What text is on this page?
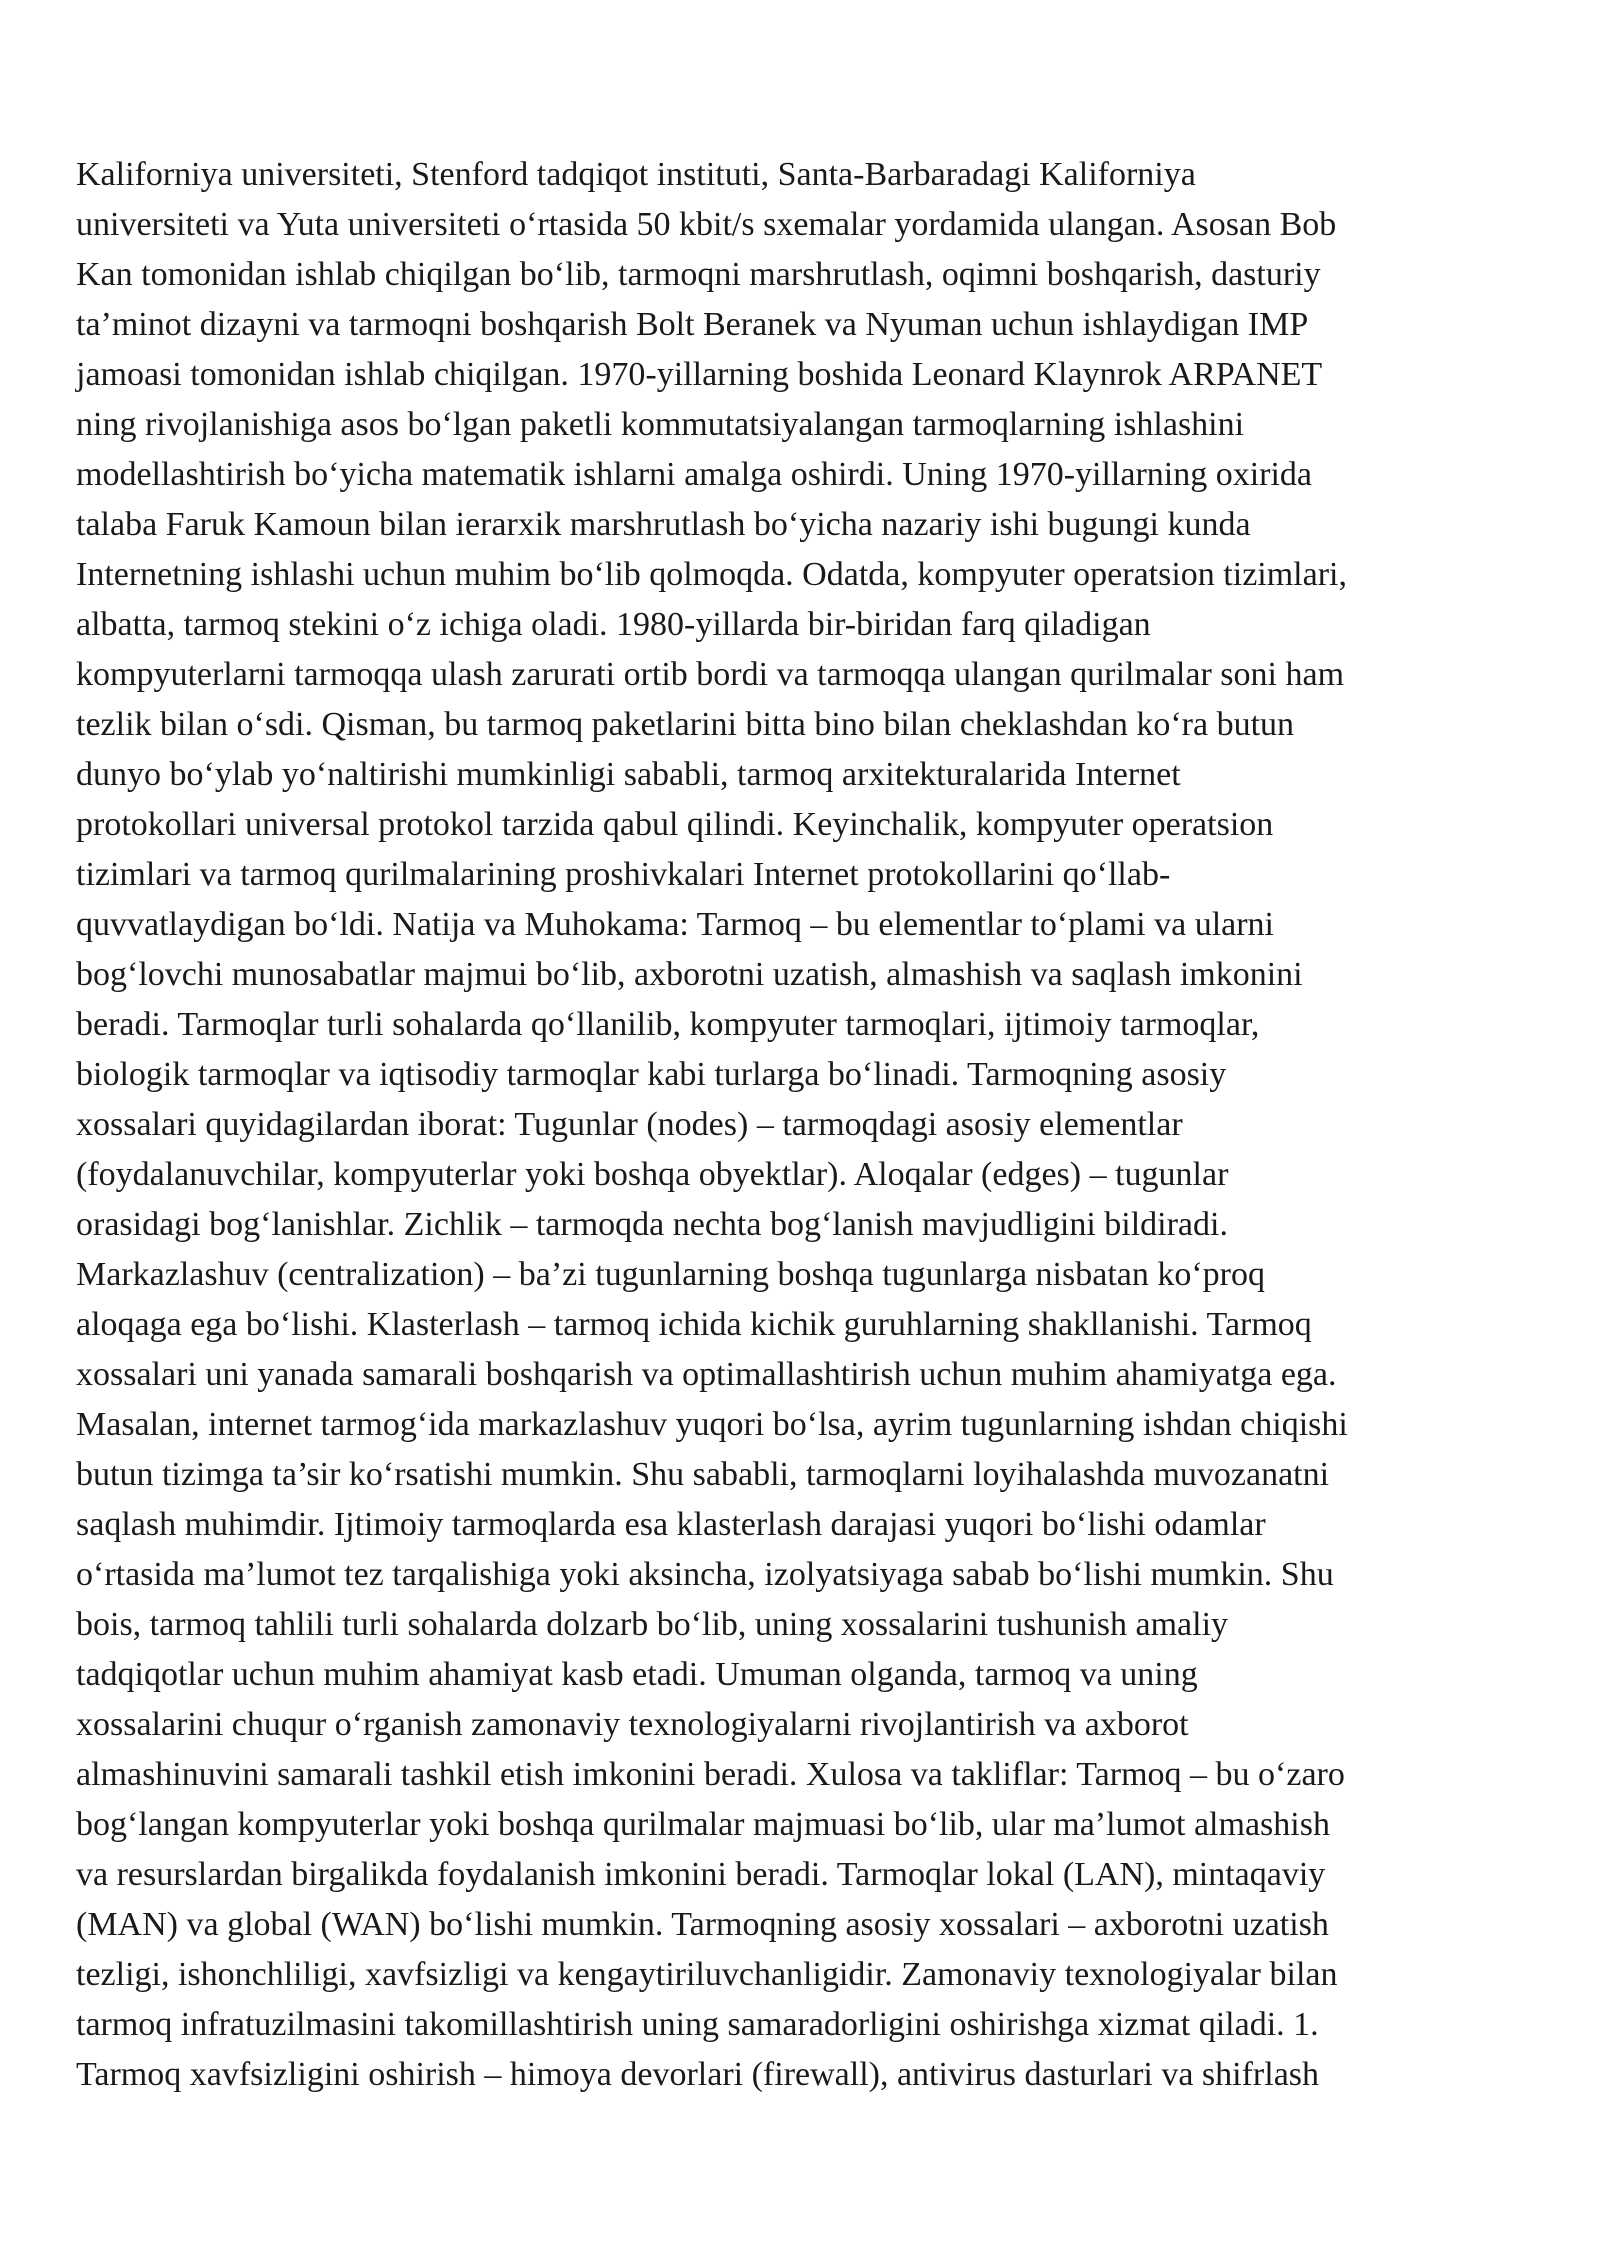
Kaliforniya universiteti, Stenford tadqiqot instituti, Santa-Barbaradagi Kaliforniya
universiteti va Yuta universiteti o‘rtasida 50 kbit/s sxemalar yordamida ulangan. Asosan Bob
Kan tomonidan ishlab chiqilgan bo‘lib, tarmoqni marshrutlash, oqimni boshqarish, dasturiy
ta’minot dizayni va tarmoqni boshqarish Bolt Beranek va Nyuman uchun ishlaydigan IMP
jamoasi tomonidan ishlab chiqilgan. 1970-yillarning boshida Leonard Klaynrok ARPANET
ning rivojlanishiga asos bo‘lgan paketli kommutatsiyalangan tarmoqlarning ishlashini
modellashtirish bo‘yicha matematik ishlarni amalga oshirdi. Uning 1970-yillarning oxirida
talaba Faruk Kamoun bilan ierarxik marshrutlash bo‘yicha nazariy ishi bugungi kunda
Internetning ishlashi uchun muhim bo‘lib qolmoqda. Odatda, kompyuter operatsion tizimlari,
albatta, tarmoq stekini o‘z ichiga oladi. 1980-yillarda bir-biridan farq qiladigan
kompyuterlarni tarmoqqa ulash zarurati ortib bordi va tarmoqqa ulangan qurilmalar soni ham
tezlik bilan o‘sdi. Qisman, bu tarmoq paketlarini bitta bino bilan cheklashdan ko‘ra butun
dunyo bo‘ylab yo‘naltirishi mumkinligi sababli, tarmoq arxitekturalarida Internet
protokollari universal protokol tarzida qabul qilindi. Keyinchalik, kompyuter operatsion
tizimlari va tarmoq qurilmalarining proshivkalari Internet protokollarini qo‘llab-
quvvatlaydigan bo‘ldi. Natija va Muhokama: Tarmoq – bu elementlar to‘plami va ularni
bog‘lovchi munosabatlar majmui bo‘lib, axborotni uzatish, almashish va saqlash imkonini
beradi. Tarmoqlar turli sohalarda qo‘llanilib, kompyuter tarmoqlari, ijtimoiy tarmoqlar,
biologik tarmoqlar va iqtisodiy tarmoqlar kabi turlarga bo‘linadi. Tarmoqning asosiy
xossalari quyidagilardan iborat: Tugunlar (nodes) – tarmoqdagi asosiy elementlar
(foydalanuvchilar, kompyuterlar yoki boshqa obyektlar). Aloqalar (edges) – tugunlar
orasidagi bog‘lanishlar. Zichlik – tarmoqda nechta bog‘lanish mavjudligini bildiradi.
Markazlashuv (centralization) – ba’zi tugunlarning boshqa tugunlarga nisbatan ko‘proq
aloqaga ega bo‘lishi. Klasterlash – tarmoq ichida kichik guruhlarning shakllanishi. Tarmoq
xossalari uni yanada samarali boshqarish va optimallashtirish uchun muhim ahamiyatga ega.
Masalan, internet tarmog‘ida markazlashuv yuqori bo‘lsa, ayrim tugunlarning ishdan chiqishi
butun tizimga ta’sir ko‘rsatishi mumkin. Shu sababli, tarmoqlarni loyihalashda muvozanatni
saqlash muhimdir. Ijtimoiy tarmoqlarda esa klasterlash darajasi yuqori bo‘lishi odamlar
o‘rtasida ma’lumot tez tarqalishiga yoki aksincha, izolyatsiyaga sabab bo‘lishi mumkin. Shu
bois, tarmoq tahlili turli sohalarda dolzarb bo‘lib, uning xossalarini tushunish amaliy
tadqiqotlar uchun muhim ahamiyat kasb etadi. Umuman olganda, tarmoq va uning
xossalarini chuqur o‘rganish zamonaviy texnologiyalarni rivojlantirish va axborot
almashinuvini samarali tashkil etish imkonini beradi. Xulosa va takliflar: Tarmoq – bu o‘zaro
bog‘langan kompyuterlar yoki boshqa qurilmalar majmuasi bo‘lib, ular ma’lumot almashish
va resurslardan birgalikda foydalanish imkonini beradi. Tarmoqlar lokal (LAN), mintaqaviy
(MAN) va global (WAN) bo‘lishi mumkin. Tarmoqning asosiy xossalari – axborotni uzatish
tezligi, ishonchliligi, xavfsizligi va kengaytiriluvchanligidir. Zamonaviy texnologiyalar bilan
tarmoq infratuzilmasini takomillashtirish uning samaradorligini oshirishga xizmat qiladi. 1.
Tarmoq xavfsizligini oshirish – himoya devorlari (firewall), antivirus dasturlari va shifrlash
